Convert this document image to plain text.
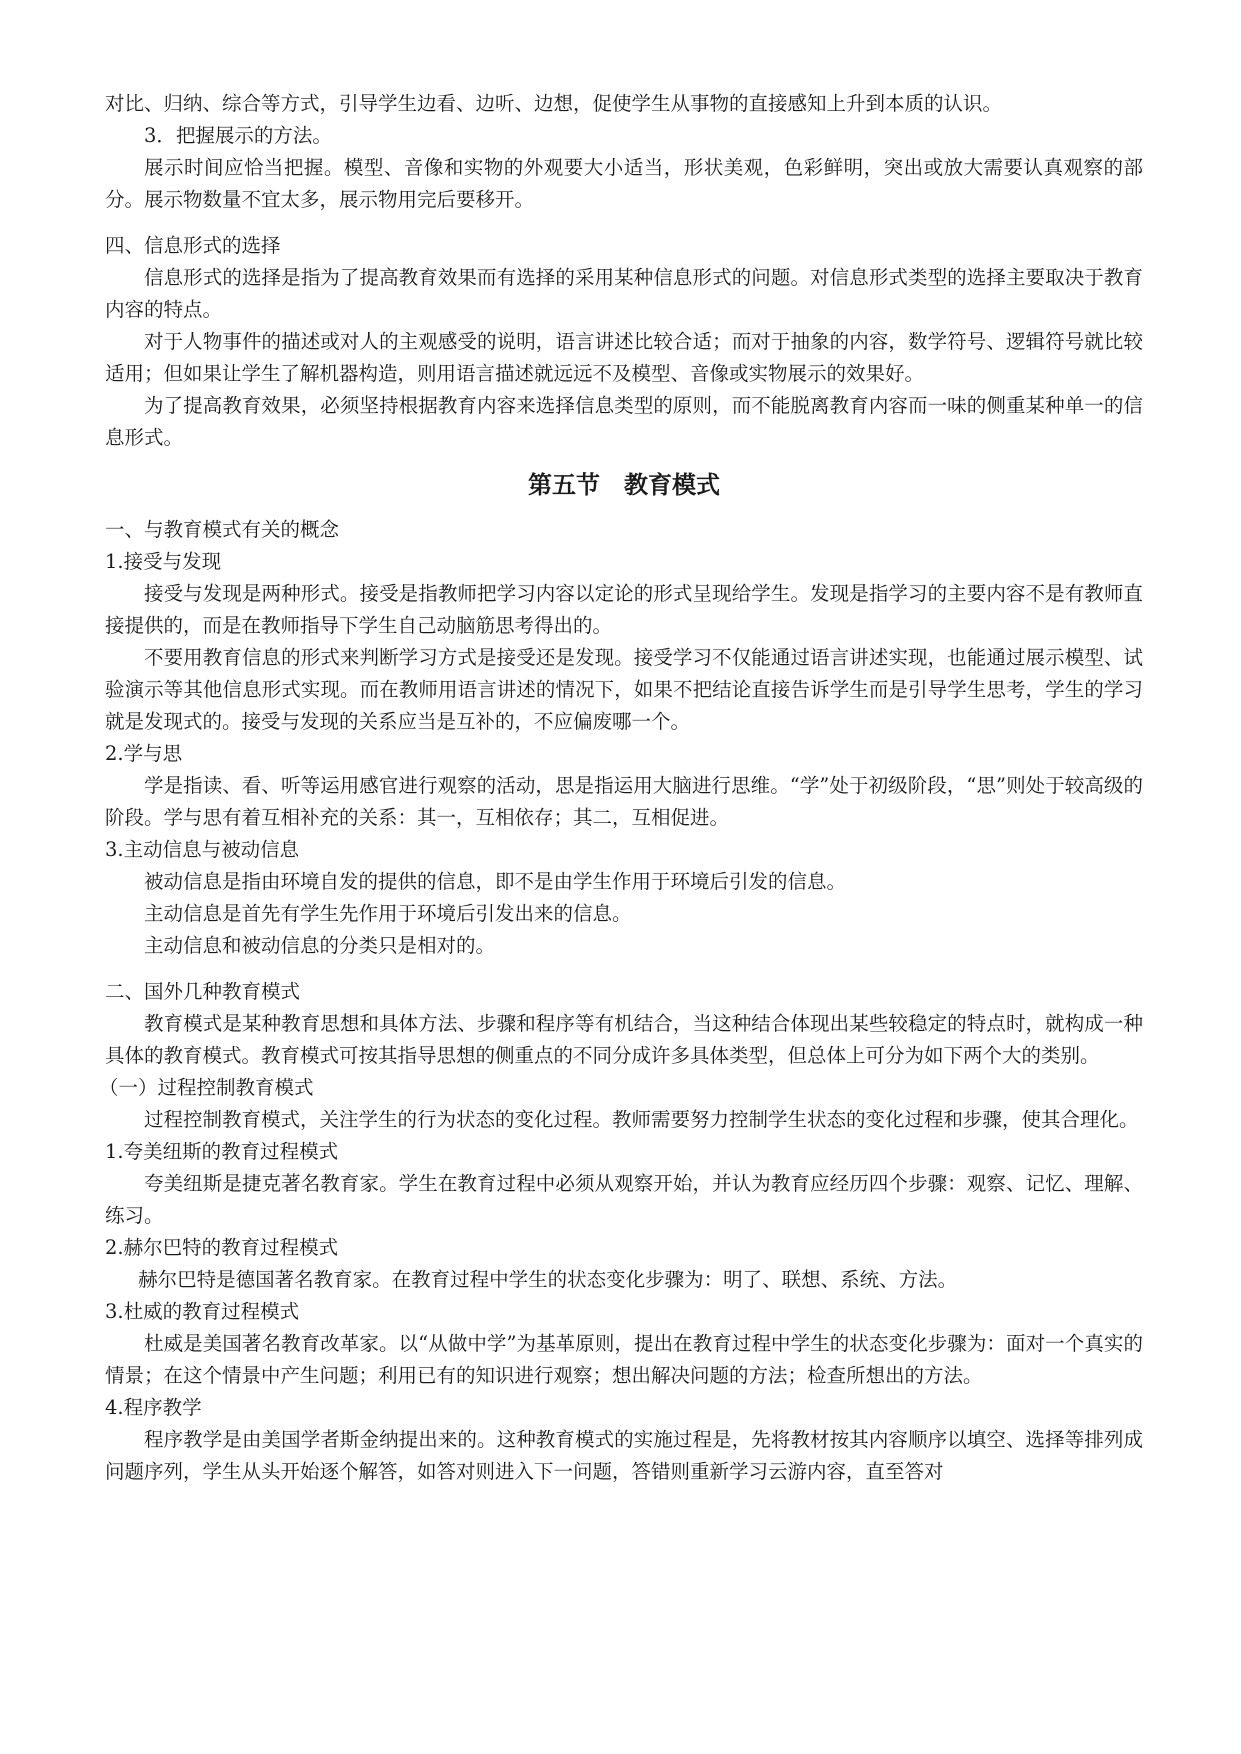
对比、归纳、综合等方式，引导学生边看、边听、边想，促使学生从事物的直接感知上升到本质的认识。

3．把握展示的方法。

展示时间应恰当把握。模型、音像和实物的外观要大小适当，形状美观，色彩鲜明，突出或放大需要认真观察的部分。展示物数量不宜太多，展示物用完后要移开。

四、信息形式的选择

信息形式的选择是指为了提高教育效果而有选择的采用某种信息形式的问题。对信息形式类型的选择主要取决于教育内容的特点。

对于人物事件的描述或对人的主观感受的说明，语言讲述比较合适；而对于抽象的内容，数学符号、逻辑符号就比较适用；但如果让学生了解机器构造，则用语言描述就远远不及模型、音像或实物展示的效果好。

为了提高教育效果，必须坚持根据教育内容来选择信息类型的原则，而不能脱离教育内容而一味的侧重某种单一的信息形式。

第五节 教育模式

一、与教育模式有关的概念

1.接受与发现

接受与发现是两种形式。接受是指教师把学习内容以定论的形式呈现给学生。发现是指学习的主要内容不是有教师直接提供的，而是在教师指导下学生自己动脑筋思考得出的。

不要用教育信息的形式来判断学习方式是接受还是发现。接受学习不仅能通过语言讲述实现，也能通过展示模型、试验演示等其他信息形式实现。而在教师用语言讲述的情况下，如果不把结论直接告诉学生而是引导学生思考，学生的学习就是发现式的。接受与发现的关系应当是互补的，不应偏废哪一个。

2.学与思

学是指读、看、听等运用感官进行观察的活动，思是指运用大脑进行思维。“学”处于初级阶段，“思”则处于较高级的阶段。学与思有着互相补充的关系：其一，互相依存；其二，互相促进。

3.主动信息与被动信息

被动信息是指由环境自发的提供的信息，即不是由学生作用于环境后引发的信息。

主动信息是首先有学生先作用于环境后引发出来的信息。

主动信息和被动信息的分类只是相对的。

二、国外几种教育模式

教育模式是某种教育思想和具体方法、步骤和程序等有机结合，当这种结合体现出某些较稳定的特点时，就构成一种具体的教育模式。教育模式可按其指导思想的侧重点的不同分成许多具体类型，但总体上可分为如下两个大的类别。

（一）过程控制教育模式

过程控制教育模式，关注学生的行为状态的变化过程。教师需要努力控制学生状态的变化过程和步骤，使其合理化。

1.夸美纽斯的教育过程模式

夸美纽斯是捷克著名教育家。学生在教育过程中必须从观察开始，并认为教育应经历四个步骤：观察、记忆、理解、练习。

2.赫尔巴特的教育过程模式

赫尔巴特是德国著名教育家。在教育过程中学生的状态变化步骤为：明了、联想、系统、方法。

3.杜威的教育过程模式

杜威是美国著名教育改革家。以“从做中学”为基革原则，提出在教育过程中学生的状态变化步骤为：面对一个真实的情景；在这个情景中产生问题；利用已有的知识进行观察；想出解决问题的方法；检查所想出的方法。

4.程序教学

程序教学是由美国学者斯金纳提出来的。这种教育模式的实施过程是，先将教材按其内容顺序以填空、选择等排列成问题序列，学生从头开始逐个解答，如答对则进入下一问题，答错则重新学习云游内容，直至答对
